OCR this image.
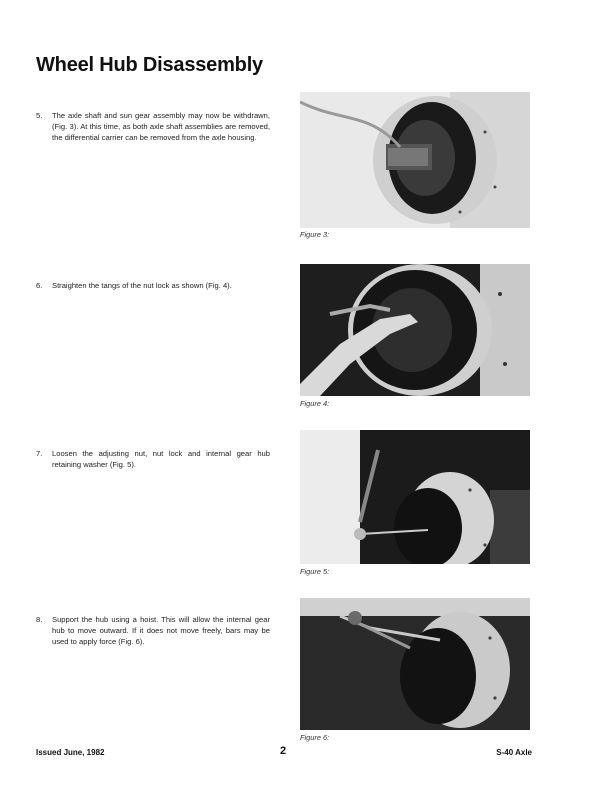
Wheel Hub Disassembly
5.	The axle shaft and sun gear assembly may now be withdrawn, (Fig. 3). At this time, as both axle shaft assemblies are removed, the differential carrier can be removed from the axle housing.
6.	Straighten the tangs of the nut lock as shown (Fig. 4).
7.	Loosen the adjusting nut, nut lock and internal gear hub retaining washer (Fig. 5).
8.	Support the hub using a hoist. This will allow the internal gear hub to move outward. If it does not move freely, bars may be used to apply force (Fig. 6).
Figure 3:
Figure 4:
Figure 5:
Figure 6:
Issued June, 1982	2	S-40 Axle
